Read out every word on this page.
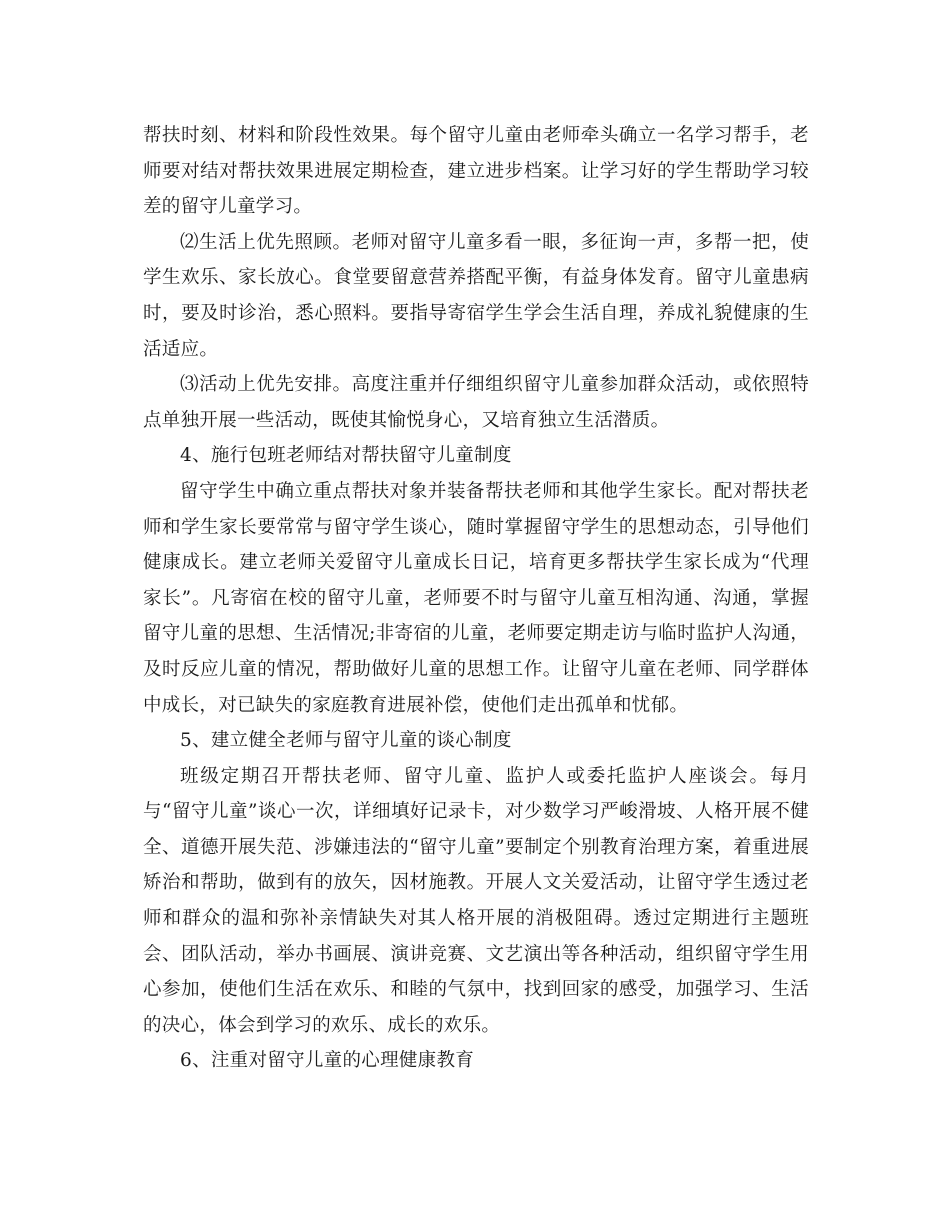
帮扶时刻、材料和阶段性效果。每个留守儿童由老师牵头确立一名学习帮手，老师要对结对帮扶效果进展定期检查，建立进步档案。让学习好的学生帮助学习较差的留守儿童学习。

⑵生活上优先照顾。老师对留守儿童多看一眼，多征询一声，多帮一把，使学生欢乐、家长放心。食堂要留意营养搭配平衡，有益身体发育。留守儿童患病时，要及时诊治，悉心照料。要指导寄宿学生学会生活自理，养成礼貌健康的生活适应。

⑶活动上优先安排。高度注重并仔细组织留守儿童参加群众活动，或依照特点单独开展一些活动，既使其愉悦身心，又培育独立生活潜质。

4、施行包班老师结对帮扶留守儿童制度

留守学生中确立重点帮扶对象并装备帮扶老师和其他学生家长。配对帮扶老师和学生家长要常常与留守学生谈心，随时掌握留守学生的思想动态，引导他们健康成长。建立老师关爱留守儿童成长日记，培育更多帮扶学生家长成为“代理家长”。凡寄宿在校的留守儿童，老师要不时与留守儿童互相沟通、沟通，掌握留守儿童的思想、生活情况;非寄宿的儿童，老师要定期走访与临时监护人沟通，及时反应儿童的情况，帮助做好儿童的思想工作。让留守儿童在老师、同学群体中成长，对已缺失的家庭教育进展补偿，使他们走出孤单和忧郁。

5、建立健全老师与留守儿童的谈心制度

班级定期召开帮扶老师、留守儿童、监护人或委托监护人座谈会。每月与“留守儿童”谈心一次，详细填好记录卡，对少数学习严峻滑坡、人格开展不健全、道德开展失范、涉嫌违法的“留守儿童”要制定个别教育治理方案，着重进展矫治和帮助，做到有的放矢，因材施教。开展人文关爱活动，让留守学生透过老师和群众的温和弥补亲情缺失对其人格开展的消极阻碍。透过定期进行主题班会、团队活动，举办书画展、演讲竞赛、文艺演出等各种活动，组织留守学生用心参加，使他们生活在欢乐、和睦的气氛中，找到回家的感受，加强学习、生活的决心，体会到学习的欢乐、成长的欢乐。

6、注重对留守儿童的心理健康教育
